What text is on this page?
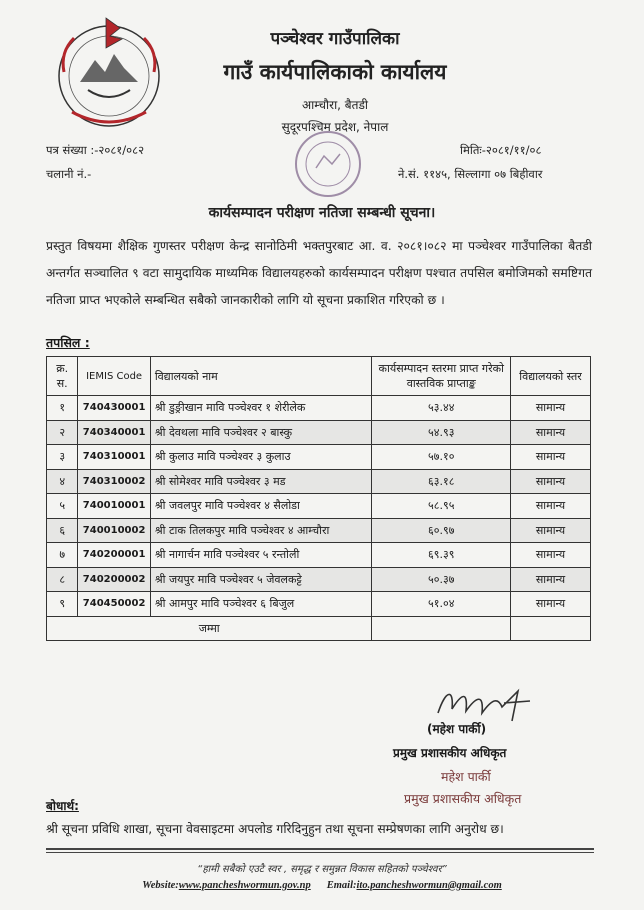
पञ्चेश्वर गाउँपालिका
गाउँ कार्यपालिकाको कार्यालय
आम्चौरा, बैतडी
सुदूरपश्चिम प्रदेश, नेपाल
पत्र संख्या :-२०८१/०८२
चलानी नं.-
मितिः-२०८१/११/०८
ने.सं. ११४५, सिल्लागा ०७ बिहीवार
कार्यसम्पादन परीक्षण नतिजा सम्बन्धी सूचना।
प्रस्तुत विषयमा शैक्षिक गुणस्तर परीक्षण केन्द्र सानोठिमी भक्तपुरबाट आ. व. २०८१।०८२ मा पञ्चेश्वर गाउँपालिका बैतडी अन्तर्गत सञ्चालित ९ वटा सामुदायिक माध्यमिक विद्यालयहरुको कार्यसम्पादन परीक्षण पश्चात तपसिल बमोजिमको समष्टिगत नतिजा प्राप्त भएकोले सम्बन्धित सबैको जानकारीको लागि यो सूचना प्रकाशित गरिएको छ ।
तपसिल :
क्र. स.	IEMIS Code	विद्यालयको नाम	कार्यसम्पादन स्तरमा प्राप्त गरेको वास्तविक प्राप्ताङ्क	विद्यालयको स्तर
१	740430001	श्री डुङ्रीखान मावि पञ्चेश्वर १ शेरीलेक	५३.४४	सामान्य
२	740340001	श्री देवथला मावि पञ्चेश्वर २ बास्कु	५४.९३	सामान्य
३	740310001	श्री कुलाउ मावि पञ्चेश्वर ३ कुलाउ	५७.१०	सामान्य
४	740310002	श्री सोमेश्वर मावि पञ्चेश्वर ३ मड	६३.१८	सामान्य
५	740010001	श्री जवलपुर मावि पञ्चेश्वर ४ सैलोडा	५८.९५	सामान्य
६	740010002	श्री टाक तिलकपुर मावि पञ्चेश्वर ४ आम्चौरा	६०.९७	सामान्य
७	740200001	श्री नागार्चन मावि पञ्चेश्वर ५ रन्तोली	६९.३९	सामान्य
८	740200002	श्री जयपुर मावि पञ्चेश्वर ५ जेवलकट्टे	५०.३७	सामान्य
९	740450002	श्री आमपुर मावि पञ्चेश्वर ६ बिजुल	५१.०४	सामान्य
जम्मा				
(महेश पार्की)
प्रमुख प्रशासकीय अधिकृत
महेश पार्की
प्रमुख प्रशासकीय अधिकृत
बोधार्थ:
श्री सूचना प्रविधि शाखा, सूचना वेवसाइटमा अपलोड गरिदिनुहुन तथा सूचना सम्प्रेषणका लागि अनुरोध छ।
“हामी सबैको एउटै स्वर , समृद्ध र समुन्नत विकास सहितको पञ्चेश्वर”
Website:www.pancheshwormun.gov.np Email:ito.pancheshwormun@gmail.com
